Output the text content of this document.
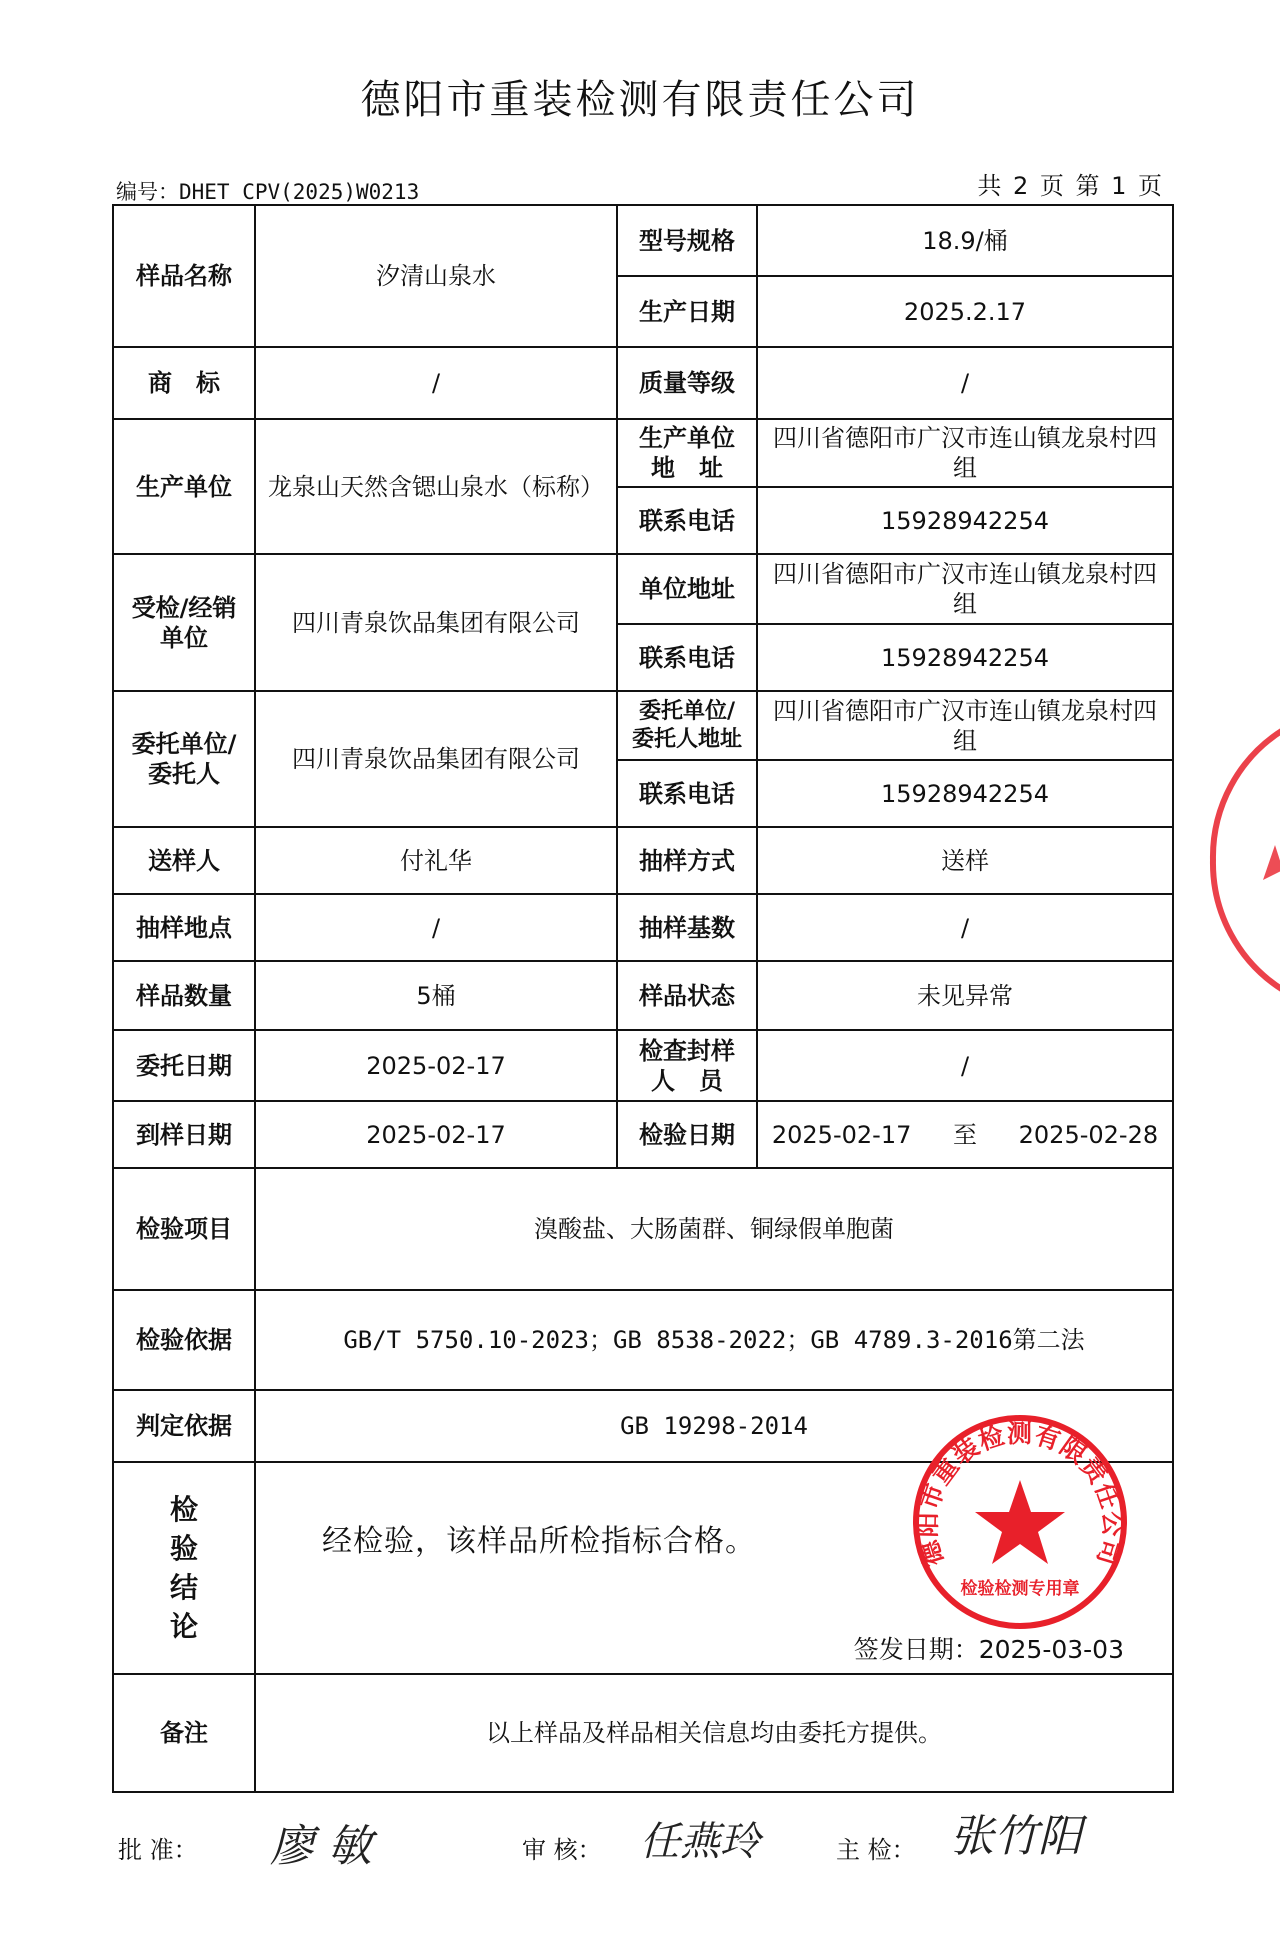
德阳市重装检测有限责任公司
编号：DHET CPV(2025)W0213	共 2 页 第 1 页
样品名称	汐清山泉水	型号规格	18.9/桶
		生产日期	2025.2.17
商　标	/	质量等级	/
生产单位	龙泉山天然含锶山泉水（标称）	生产单位地　址	四川省德阳市广汉市连山镇龙泉村四组
		联系电话	15928942254
受检/经销单位	四川青泉饮品集团有限公司	单位地址	四川省德阳市广汉市连山镇龙泉村四组
		联系电话	15928942254
委托单位/委托人	四川青泉饮品集团有限公司	委托单位/委托人地址	四川省德阳市广汉市连山镇龙泉村四组
		联系电话	15928942254
送样人	付礼华	抽样方式	送样
抽样地点	/	抽样基数	/
样品数量	5桶	样品状态	未见异常
委托日期	2025-02-17	检查封样人　员	/
到样日期	2025-02-17	检验日期	2025-02-17 至 2025-02-28
检验项目	溴酸盐、大肠菌群、铜绿假单胞菌		
检验依据	GB/T 5750.10-2023；GB 8538-2022；GB 4789.3-2016第二法		
判定依据	GB 19298-2014		

检验结论	经检验，该样品所检指标合格。
签发日期：2025-03-03		

备注	以上样品及样品相关信息均由委托方提供。		
批 准： 廖 敏	审 核： 任燕玲	主 检： 张竹阳
德阳市重装检测有限责任公司
检验检测专用章
